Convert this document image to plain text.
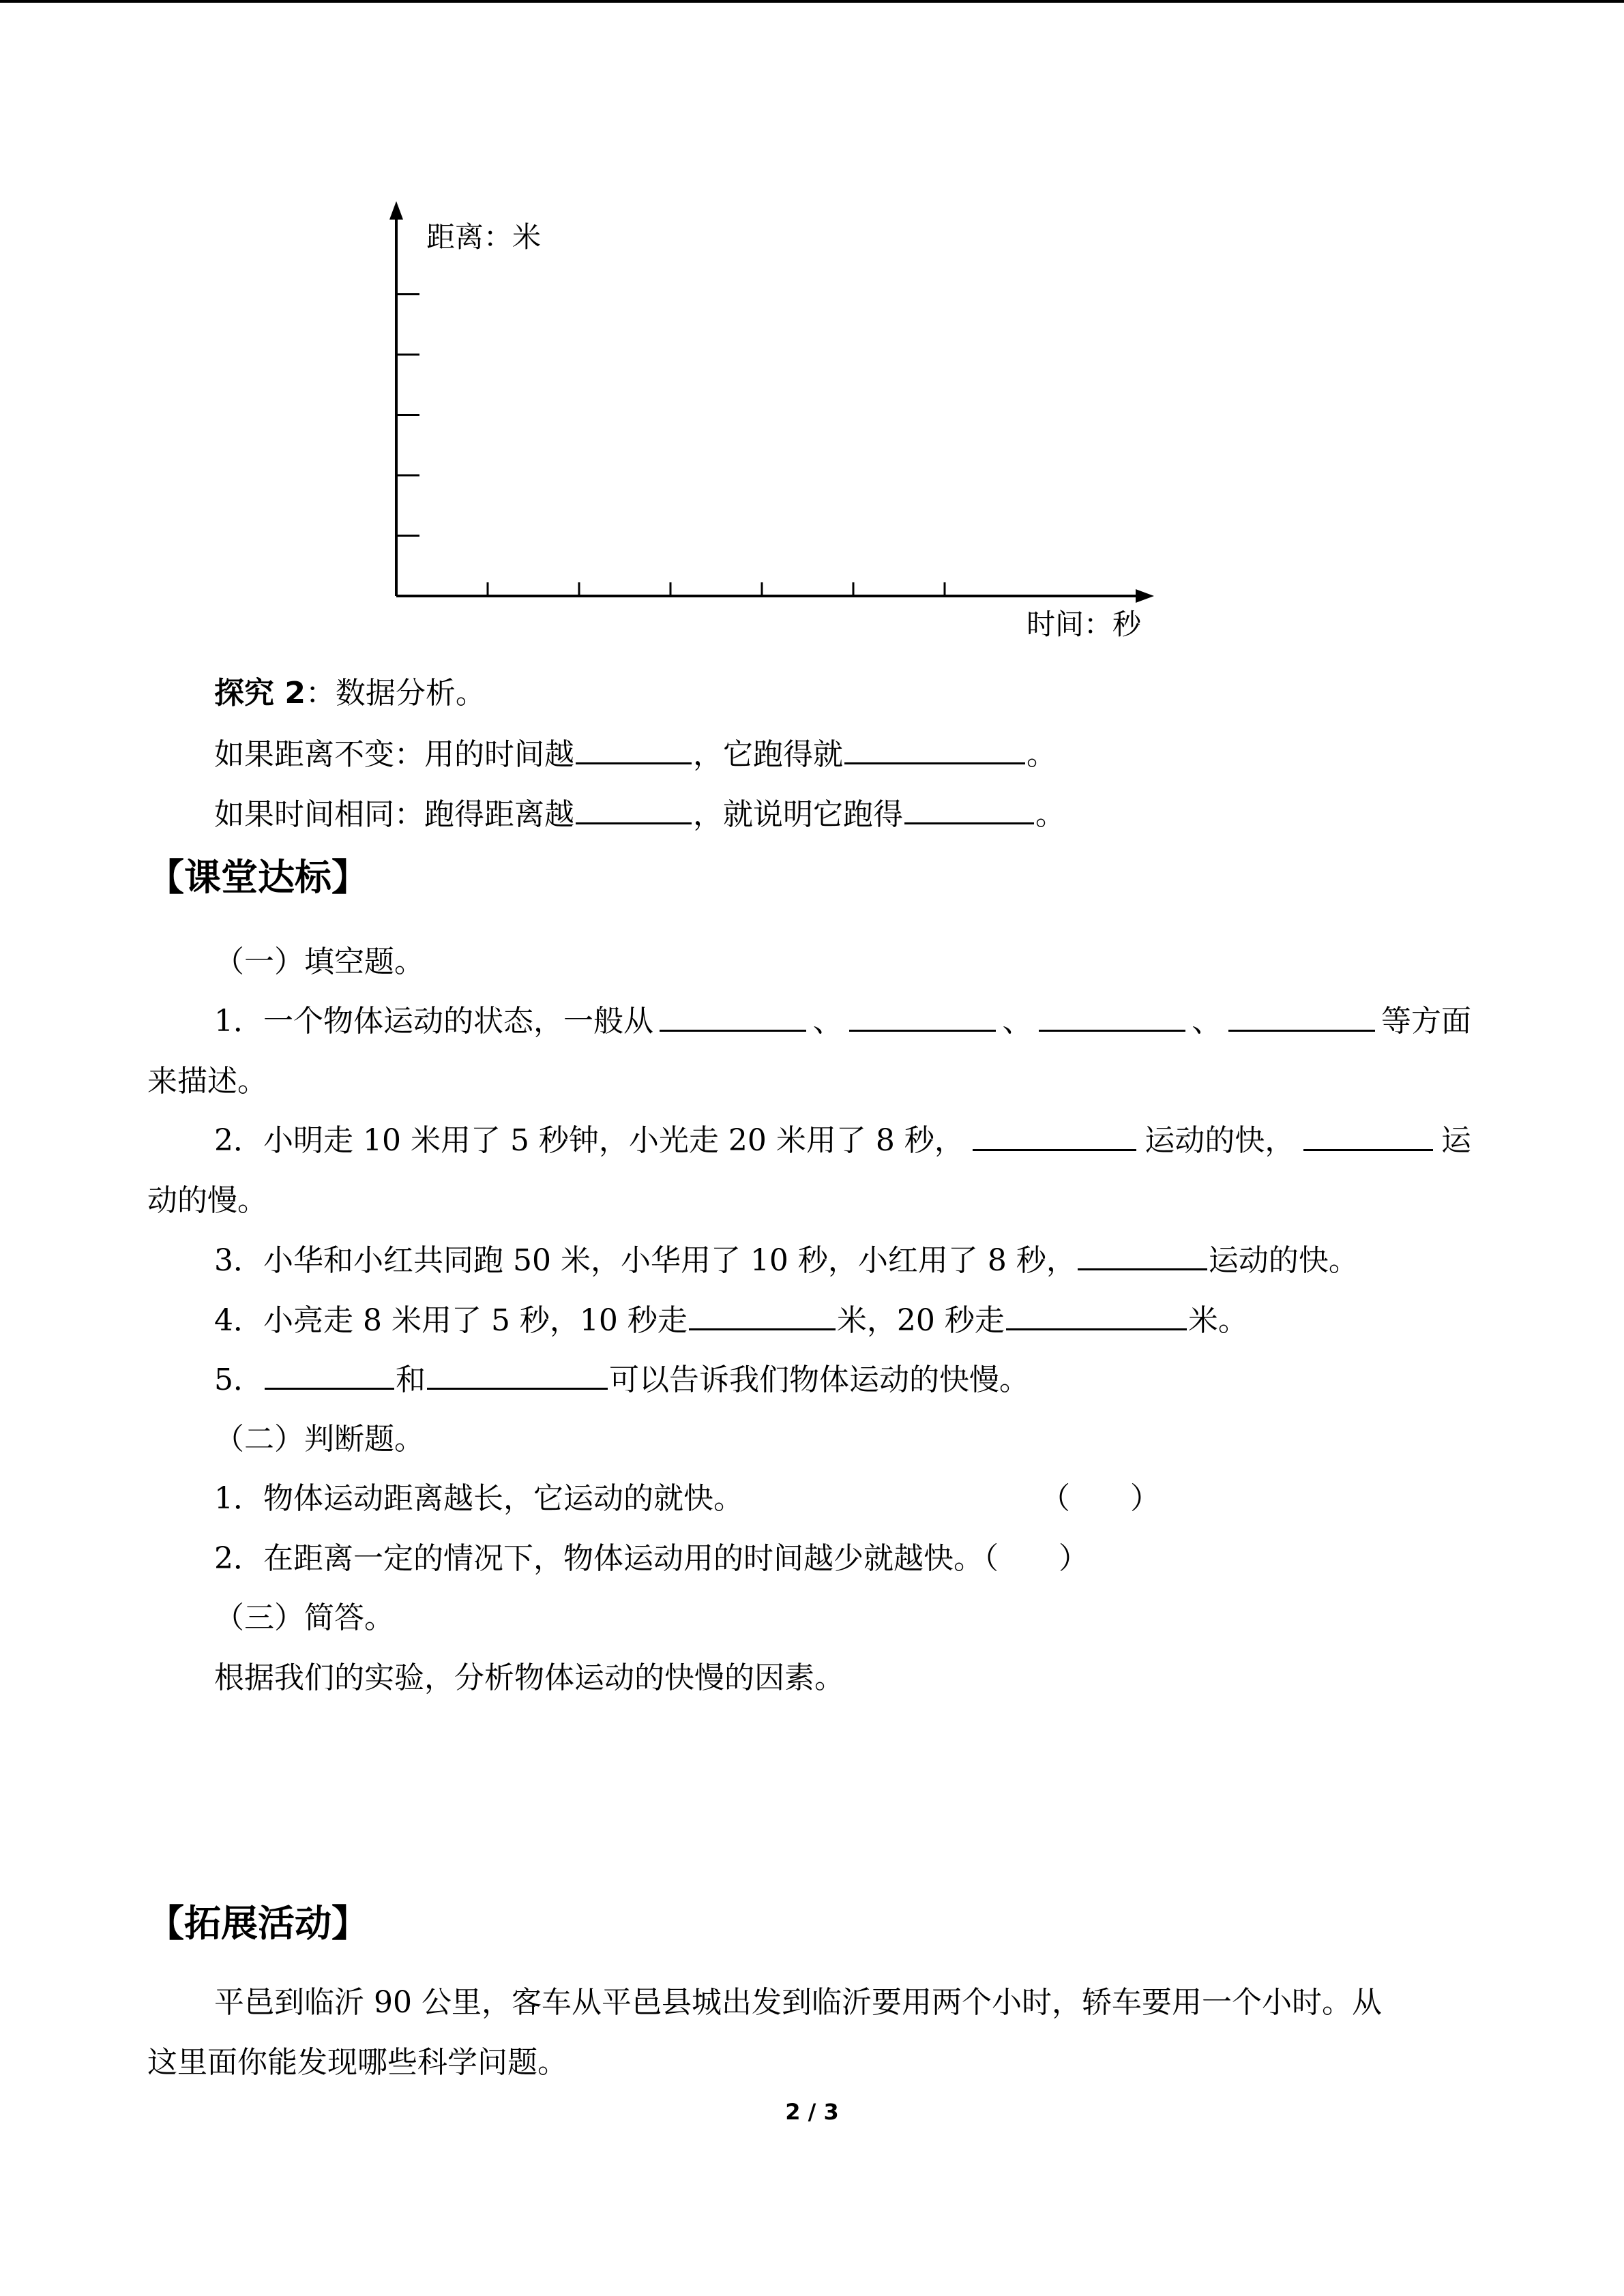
距离：米
时间：秒
探究 2：数据分析。
如果距离不变：用的时间越	，它跑得就	。
如果时间相同：跑得距离越	，就说明它跑得	。
【课堂达标】
（一）填空题。
1．一个物体运动的状态，一般从	、	、	、	等方面
来描述。
2．小明走 10 米用了 5 秒钟，小光走 20 米用了 8 秒，	运动的快，	运
动的慢。
3．小华和小红共同跑 50 米，小华用了 10 秒，小红用了 8 秒，	运动的快。
4．小亮走 8 米用了 5 秒，10 秒走	米，20 秒走	米。
5．	和	可以告诉我们物体运动的快慢。
（二）判断题。
1．物体运动距离越长，它运动的就快。	（　　）
2．在距离一定的情况下，物体运动用的时间越少就越快。（　　）
（三）简答。
根据我们的实验，分析物体运动的快慢的因素。
【拓展活动】
平邑到临沂 90 公里，客车从平邑县城出发到临沂要用两个小时，轿车要用一个小时。从
这里面你能发现哪些科学问题。
2 / 3
